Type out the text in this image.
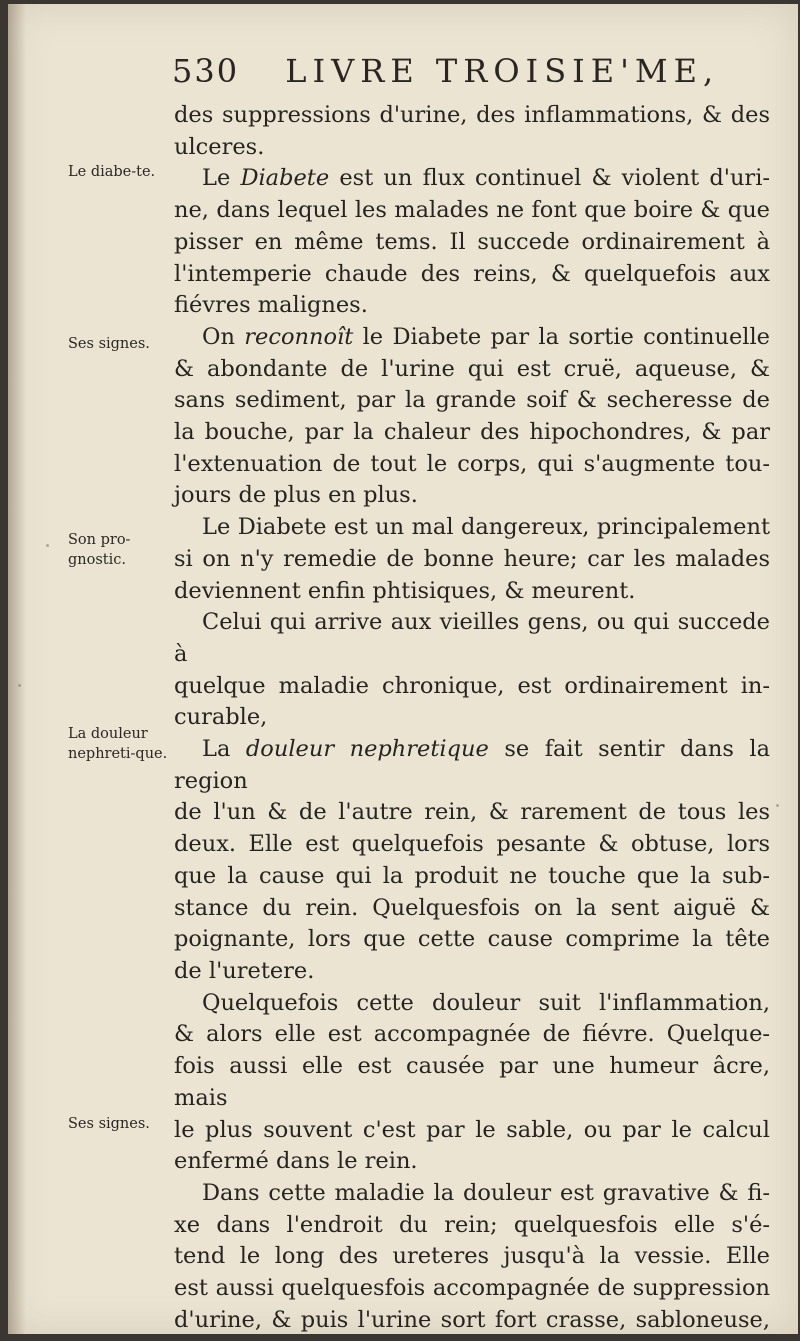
530 LIVRE TROISIE'ME,
Le diabe-te.
Ses signes.
Son pro-gnostic.
La douleur nephreti-que.
Ses signes.

des suppressions d'urine, des inflammations, & des

ulceres.

Le Diabete est un flux continuel & violent d'uri-

ne, dans lequel les malades ne font que boire & que

pisser en même tems. Il succede ordinairement à

l'intemperie chaude des reins, & quelquefois aux

fiévres malignes.

On reconnoît le Diabete par la sortie continuelle

& abondante de l'urine qui est cruë, aqueuse, &

sans sediment, par la grande soif & secheresse de

la bouche, par la chaleur des hipochondres, & par

l'extenuation de tout le corps, qui s'augmente tou-

jours de plus en plus.

Le Diabete est un mal dangereux, principalement

si on n'y remedie de bonne heure; car les malades

deviennent enfin phtisiques, & meurent.

Celui qui arrive aux vieilles gens, ou qui succede à

quelque maladie chronique, est ordinairement in-

curable,

La douleur nephretique se fait sentir dans la region

de l'un & de l'autre rein, & rarement de tous les

deux. Elle est quelquefois pesante & obtuse, lors

que la cause qui la produit ne touche que la sub-

stance du rein. Quelquesfois on la sent aiguë &

poignante, lors que cette cause comprime la tête

de l'uretere.

Quelquefois cette douleur suit l'inflammation,

& alors elle est accompagnée de fiévre. Quelque-

fois aussi elle est causée par une humeur âcre, mais

le plus souvent c'est par le sable, ou par le calcul

enfermé dans le rein.

Dans cette maladie la douleur est gravative & fi-

xe dans l'endroit du rein; quelquesfois elle s'é-

tend le long des ureteres jusqu'à la vessie. Elle

est aussi quelquesfois accompagnée de suppression

d'urine, & puis l'urine sort fort crasse, sabloneuse,
